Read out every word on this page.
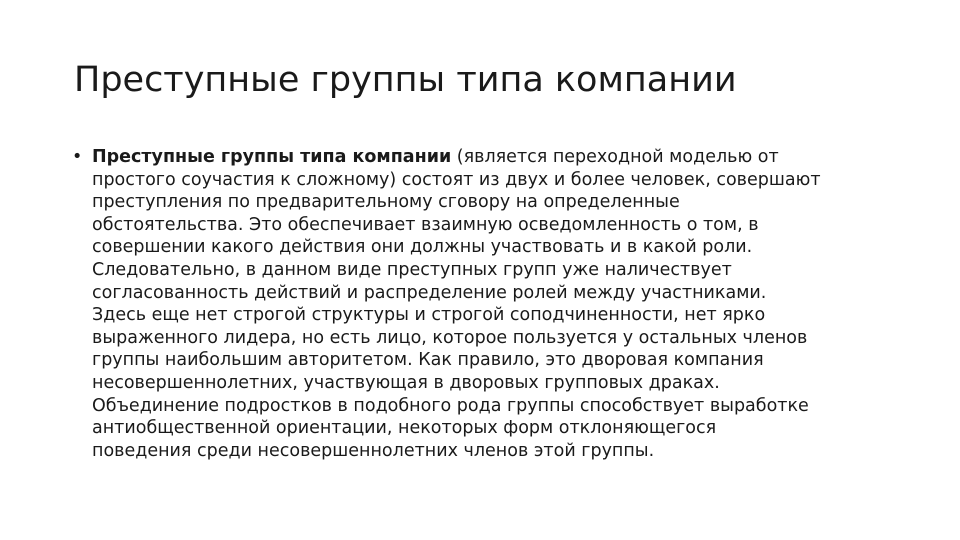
Преступные группы типа компании
• Преступные группы типа компании (является переходной моделью от
простого соучастия к сложному) состоят из двух и более человек, совершают
преступления по предварительному сговору на определенные
обстоятельства. Это обеспечивает взаимную осведомленность о том, в
совершении какого действия они должны участвовать и в какой роли.
Следовательно, в данном виде преступных групп уже наличествует
согласованность действий и распределение ролей между участниками.
Здесь еще нет строгой структуры и строгой соподчиненности, нет ярко
выраженного лидера, но есть лицо, которое пользуется у остальных членов
группы наибольшим авторитетом. Как правило, это дворовая компания
несовершеннолетних, участвующая в дворовых групповых драках.
Объединение подростков в подобного рода группы способствует выработке
антиобщественной ориентации, некоторых форм отклоняющегося
поведения среди несовершеннолетних членов этой группы.
